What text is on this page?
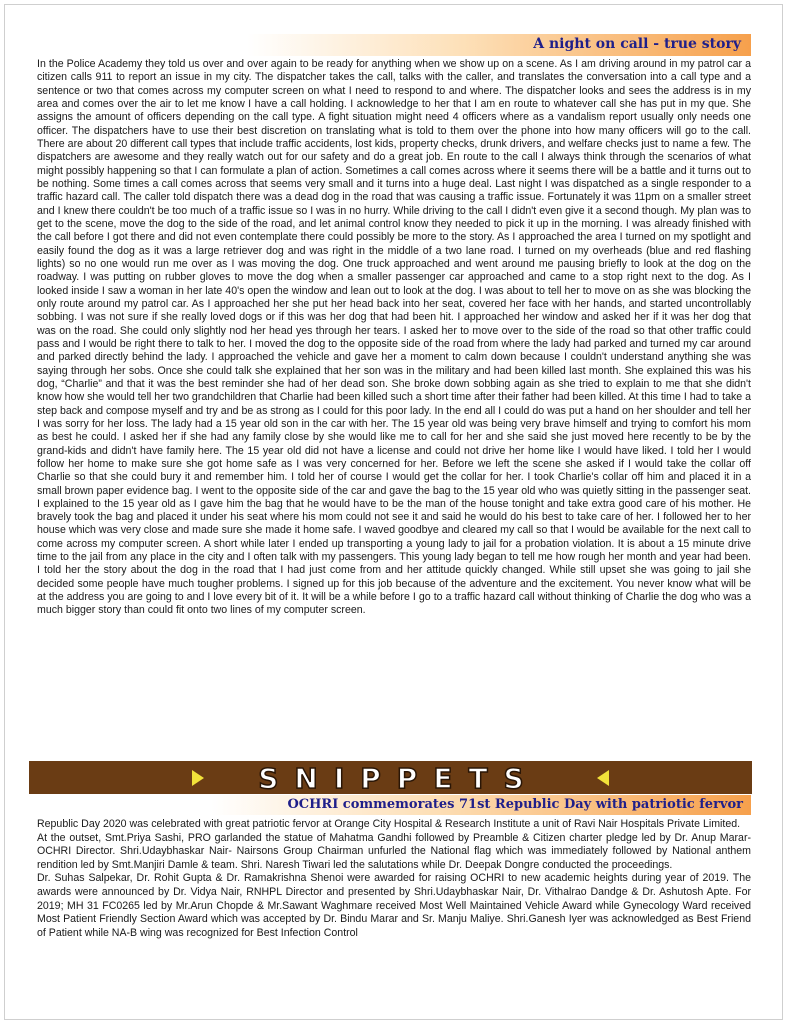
A night on call - true story

In the Police Academy they told us over and over again to be ready for anything when we show up on a scene. As I am driving around in my patrol car a citizen calls 911 to report an issue in my city. The dispatcher takes the call, talks with the caller, and translates the conversation into a call type and a sentence or two that comes across my computer screen on what I need to respond to and where. The dispatcher looks and sees the address is in my area and comes over the air to let me know I have a call holding. I acknowledge to her that I am en route to whatever call she has put in my que. She assigns the amount of officers depending on the call type. A fight situation might need 4 officers where as a vandalism report usually only needs one officer. The dispatchers have to use their best discretion on translating what is told to them over the phone into how many officers will go to the call. There are about 20 different call types that include traffic accidents, lost kids, property checks, drunk drivers, and welfare checks just to name a few. The dispatchers are awesome and they really watch out for our safety and do a great job. En route to the call I always think through the scenarios of what might possibly happening so that I can formulate a plan of action. Sometimes a call comes across where it seems there will be a battle and it turns out to be nothing. Some times a call comes across that seems very small and it turns into a huge deal. Last night I was dispatched as a single responder to a traffic hazard call. The caller told dispatch there was a dead dog in the road that was causing a traffic issue. Fortunately it was 11pm on a smaller street and I knew there couldn't be too much of a traffic issue so I was in no hurry. While driving to the call I didn't even give it a second though. My plan was to get to the scene, move the dog to the side of the road, and let animal control know they needed to pick it up in the morning. I was already finished with the call before I got there and did not even contemplate there could possibly be more to the story. As I approached the area I turned on my spotlight and easily found the dog as it was a large retriever dog and was right in the middle of a two lane road. I turned on my overheads (blue and red flashing lights) so no one would run me over as I was moving the dog. One truck approached and went around me pausing briefly to look at the dog on the roadway. I was putting on rubber gloves to move the dog when a smaller passenger car approached and came to a stop right next to the dog. As I looked inside I saw a woman in her late 40's open the window and lean out to look at the dog. I was about to tell her to move on as she was blocking the only route around my patrol car. As I approached her she put her head back into her seat, covered her face with her hands, and started uncontrollably sobbing. I was not sure if she really loved dogs or if this was her dog that had been hit. I approached her window and asked her if it was her dog that was on the road. She could only slightly nod her head yes through her tears. I asked her to move over to the side of the road so that other traffic could pass and I would be right there to talk to her. I moved the dog to the opposite side of the road from where the lady had parked and turned my car around and parked directly behind the lady. I approached the vehicle and gave her a moment to calm down because I couldn't understand anything she was saying through her sobs. Once she could talk she explained that her son was in the military and had been killed last month. She explained this was his dog, “Charlie” and that it was the best reminder she had of her dead son. She broke down sobbing again as she tried to explain to me that she didn't know how she would tell her two grandchildren that Charlie had been killed such a short time after their father had been killed. At this time I had to take a step back and compose myself and try and be as strong as I could for this poor lady. In the end all I could do was put a hand on her shoulder and tell her I was sorry for her loss. The lady had a 15 year old son in the car with her. The 15 year old was being very brave himself and trying to comfort his mom as best he could. I asked her if she had any family close by she would like me to call for her and she said she just moved here recently to be by the grand-kids and didn't have family here. The 15 year old did not have a license and could not drive her home like I would have liked. I told her I would follow her home to make sure she got home safe as I was very concerned for her. Before we left the scene she asked if I would take the collar off Charlie so that she could bury it and remember him. I told her of course I would get the collar for her. I took Charlie's collar off him and placed it in a small brown paper evidence bag. I went to the opposite side of the car and gave the bag to the 15 year old who was quietly sitting in the passenger seat. I explained to the 15 year old as I gave him the bag that he would have to be the man of the house tonight and take extra good care of his mother. He bravely took the bag and placed it under his seat where his mom could not see it and said he would do his best to take care of her. I followed her to her house which was very close and made sure she made it home safe. I waved goodbye and cleared my call so that I would be available for the next call to come across my computer screen. A short while later I ended up transporting a young lady to jail for a probation violation. It is about a 15 minute drive time to the jail from any place in the city and I often talk with my passengers. This young lady began to tell me how rough her month and year had been. I told her the story about the dog in the road that I had just come from and her attitude quickly changed. While still upset she was going to jail she decided some people have much tougher problems. I signed up for this job because of the adventure and the excitement. You never know what will be at the address you are going to and I love every bit of it. It will be a while before I go to a traffic hazard call without thinking of Charlie the dog who was a much bigger story than could fit onto two lines of my computer screen.

SNIPPETS
OCHRI commemorates 71st Republic Day with patriotic fervor

Republic Day 2020 was celebrated with great patriotic fervor at Orange City Hospital & Research Institute a unit of Ravi Nair Hospitals Private Limited.

At the outset, Smt.Priya Sashi, PRO garlanded the statue of Mahatma Gandhi followed by Preamble & Citizen charter pledge led by Dr. Anup Marar- OCHRI Director. Shri.Udaybhaskar Nair- Nairsons Group Chairman unfurled the National flag which was immediately followed by National anthem rendition led by Smt.Manjiri Damle & team. Shri. Naresh Tiwari led the salutations while Dr. Deepak Dongre conducted the proceedings.

Dr. Suhas Salpekar, Dr. Rohit Gupta & Dr. Ramakrishna Shenoi were awarded for raising OCHRI to new academic heights during year of 2019. The awards were announced by Dr. Vidya Nair, RNHPL Director and presented by Shri.Udaybhaskar Nair, Dr. Vithalrao Dandge & Dr. Ashutosh Apte. For 2019; MH 31 FC0265 led by Mr.Arun Chopde & Mr.Sawant Waghmare received Most Well Maintained Vehicle Award while Gynecology Ward received Most Patient Friendly Section Award which was accepted by Dr. Bindu Marar and Sr. Manju Maliye. Shri.Ganesh Iyer was acknowledged as Best Friend of Patient while NA-B wing was recognized for Best Infection Control
